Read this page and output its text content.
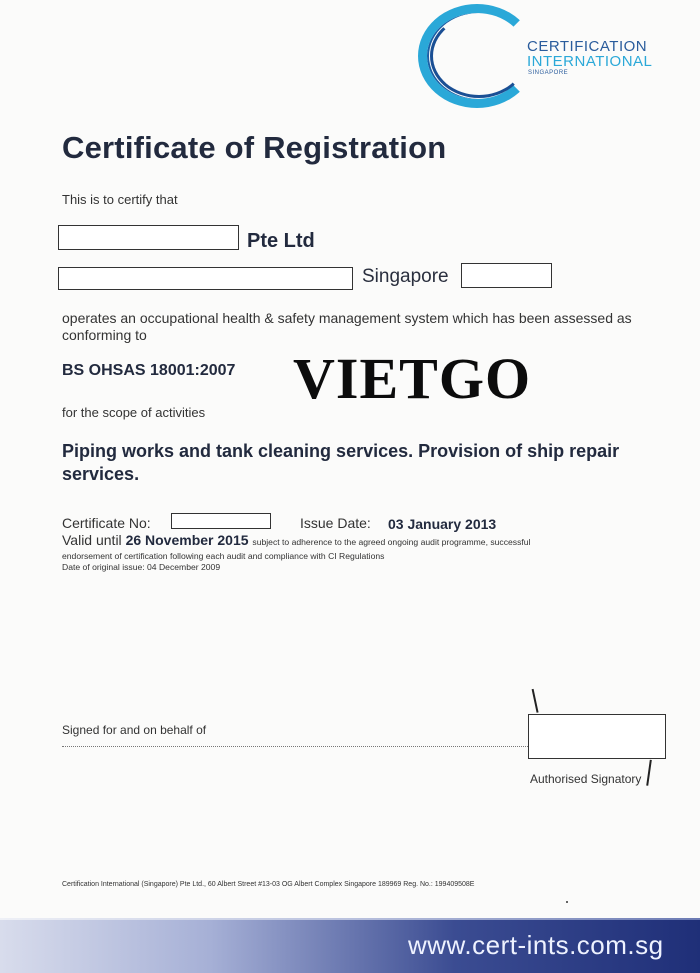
CERTIFICATION
INTERNATIONAL
SINGAPORE
Certificate of Registration
This is to certify that
Pte Ltd
Singapore
operates an occupational health & safety management system which has been assessed as conforming to
BS OHSAS 18001:2007 VIETGO
for the scope of activities
Piping works and tank cleaning services. Provision of ship repair services.
Certificate No:	Issue Date: 03 January 2013
Valid until 26 November 2015 subject to adherence to the agreed ongoing audit programme, successful
endorsement of certification following each audit and compliance with CI Regulations
Date of original issue: 04 December 2009
Signed for and on behalf of
Authorised Signatory
Certification International (Singapore) Pte Ltd., 60 Albert Street #13-03 OG Albert Complex Singapore 189969 Reg. No.: 199409508E
www.cert-ints.com.sg
